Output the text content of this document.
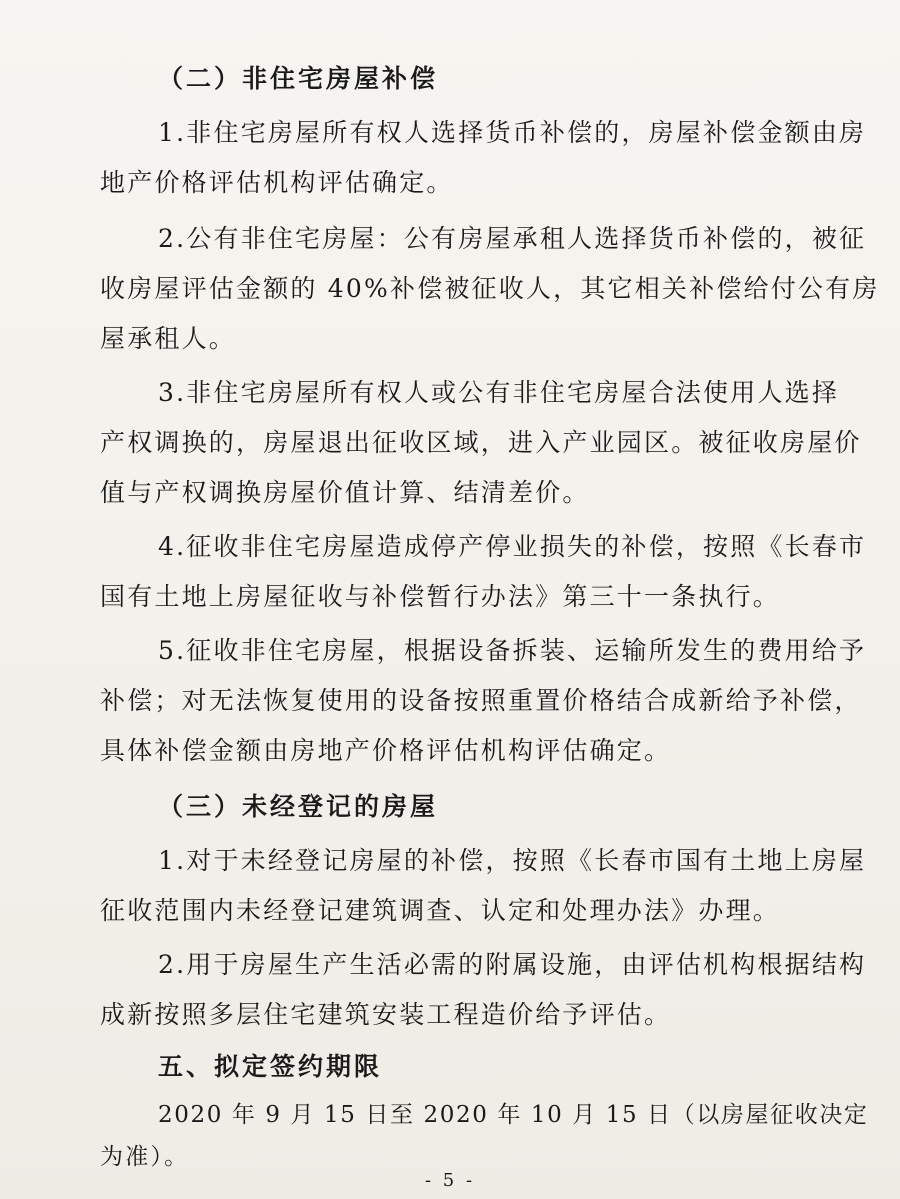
（二）非住宅房屋补偿
1.非住宅房屋所有权人选择货币补偿的，房屋补偿金额由房
地产价格评估机构评估确定。
2.公有非住宅房屋：公有房屋承租人选择货币补偿的，被征
收房屋评估金额的 40%补偿被征收人，其它相关补偿给付公有房
屋承租人。
3.非住宅房屋所有权人或公有非住宅房屋合法使用人选择
产权调换的，房屋退出征收区域，进入产业园区。被征收房屋价
值与产权调换房屋价值计算、结清差价。
4.征收非住宅房屋造成停产停业损失的补偿，按照《长春市
国有土地上房屋征收与补偿暂行办法》第三十一条执行。
5.征收非住宅房屋，根据设备拆装、运输所发生的费用给予
补偿；对无法恢复使用的设备按照重置价格结合成新给予补偿，
具体补偿金额由房地产价格评估机构评估确定。
（三）未经登记的房屋
1.对于未经登记房屋的补偿，按照《长春市国有土地上房屋
征收范围内未经登记建筑调查、认定和处理办法》办理。
2.用于房屋生产生活必需的附属设施，由评估机构根据结构
成新按照多层住宅建筑安装工程造价给予评估。
五、拟定签约期限
2020 年 9 月 15 日至 2020 年 10 月 15 日（以房屋征收决定
为准）。
- 5 -
